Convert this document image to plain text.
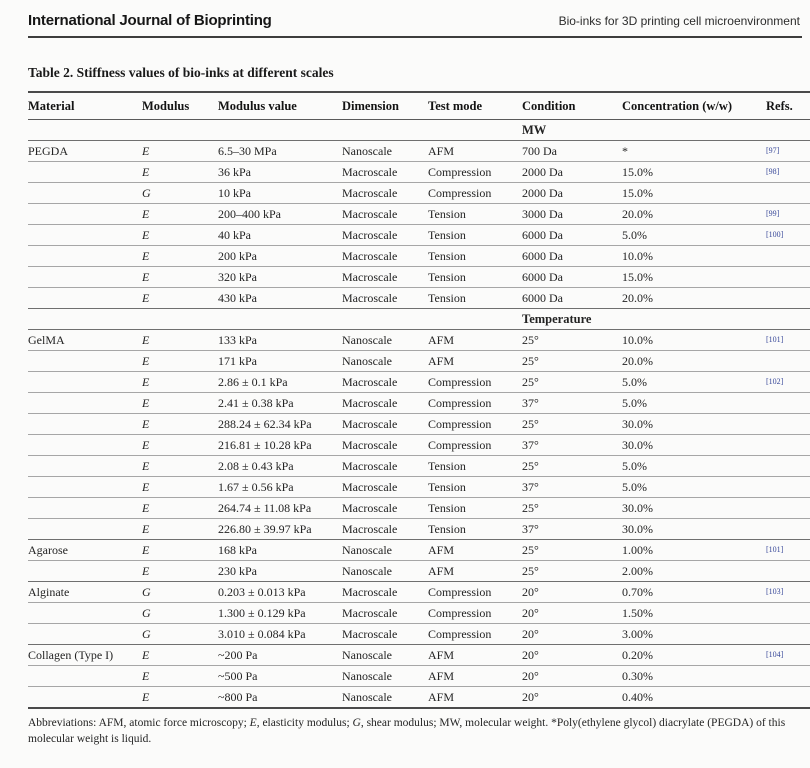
International Journal of Bioprinting	Bio-inks for 3D printing cell microenvironment
Table 2. Stiffness values of bio-inks at different scales
Material	Modulus	Modulus value	Dimension	Test mode	Condition	Concentration (w/w)	Refs.
					MW		
PEGDA	E	6.5–30 MPa	Nanoscale	AFM	700 Da	*	[97]
	E	36 kPa	Macroscale	Compression	2000 Da	15.0%	[98]
	G	10 kPa	Macroscale	Compression	2000 Da	15.0%	
	E	200–400 kPa	Macroscale	Tension	3000 Da	20.0%	[99]
	E	40 kPa	Macroscale	Tension	6000 Da	5.0%	[100]
	E	200 kPa	Macroscale	Tension	6000 Da	10.0%	
	E	320 kPa	Macroscale	Tension	6000 Da	15.0%	
	E	430 kPa	Macroscale	Tension	6000 Da	20.0%	
					Temperature		
GelMA	E	133 kPa	Nanoscale	AFM	25°	10.0%	[101]
	E	171 kPa	Nanoscale	AFM	25°	20.0%	
	E	2.86 ± 0.1 kPa	Macroscale	Compression	25°	5.0%	[102]
	E	2.41 ± 0.38 kPa	Macroscale	Compression	37°	5.0%	
	E	288.24 ± 62.34 kPa	Macroscale	Compression	25°	30.0%	
	E	216.81 ± 10.28 kPa	Macroscale	Compression	37°	30.0%	
	E	2.08 ± 0.43 kPa	Macroscale	Tension	25°	5.0%	
	E	1.67 ± 0.56 kPa	Macroscale	Tension	37°	5.0%	
	E	264.74 ± 11.08 kPa	Macroscale	Tension	25°	30.0%	
	E	226.80 ± 39.97 kPa	Macroscale	Tension	37°	30.0%	
Agarose	E	168 kPa	Nanoscale	AFM	25°	1.00%	[101]
	E	230 kPa	Nanoscale	AFM	25°	2.00%	
Alginate	G	0.203 ± 0.013 kPa	Macroscale	Compression	20°	0.70%	[103]
	G	1.300 ± 0.129 kPa	Macroscale	Compression	20°	1.50%	
	G	3.010 ± 0.084 kPa	Macroscale	Compression	20°	3.00%	
Collagen (Type I)	E	~200 Pa	Nanoscale	AFM	20°	0.20%	[104]
	E	~500 Pa	Nanoscale	AFM	20°	0.30%	
	E	~800 Pa	Nanoscale	AFM	20°	0.40%	

Abbreviations: AFM, atomic force microscopy; E, elasticity modulus; G, shear modulus; MW, molecular weight. *Poly(ethylene glycol) diacrylate (PEGDA) of this molecular weight is liquid.
